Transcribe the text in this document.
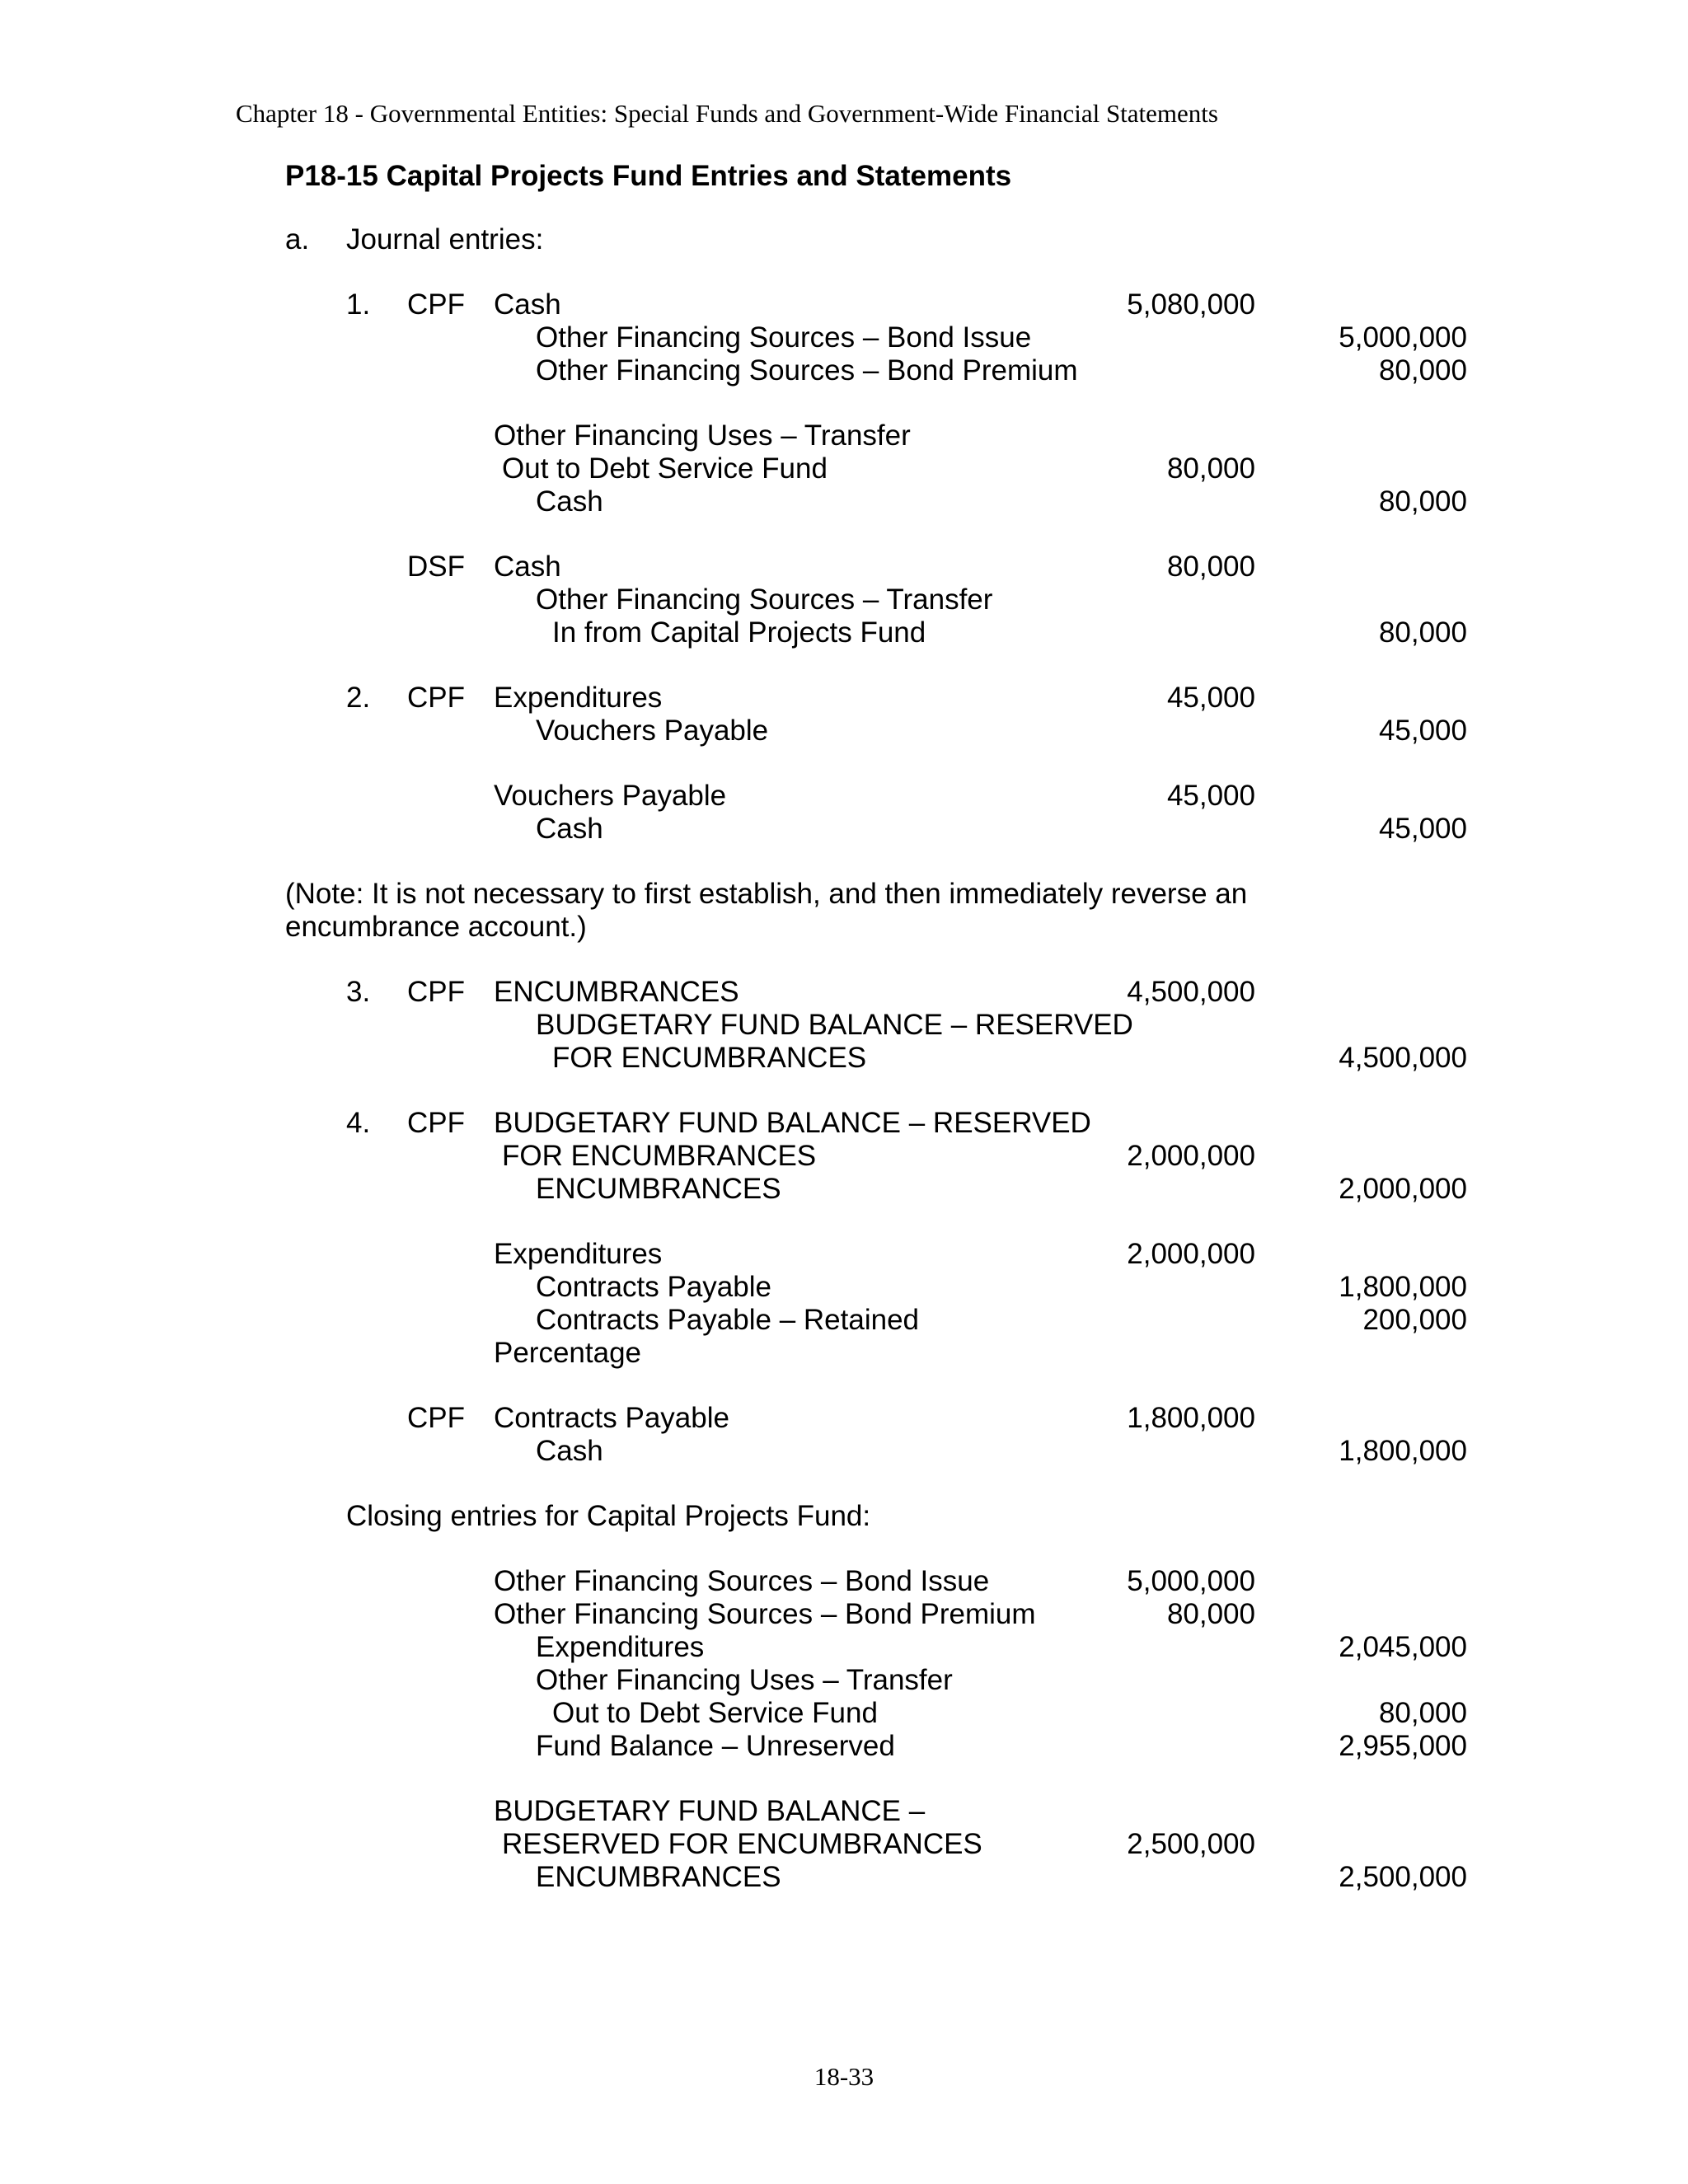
Chapter 18 - Governmental Entities: Special Funds and Government-Wide Financial Statements
P18-15 Capital Projects Fund Entries and Statements
a. Journal entries:
1. CPF Cash	5,080,000
Other Financing Sources – Bond Issue	5,000,000
Other Financing Sources – Bond Premium	80,000
Other Financing Uses – Transfer
Out to Debt Service Fund	80,000
Cash	80,000
DSF Cash	80,000
Other Financing Sources – Transfer
In from Capital Projects Fund	80,000
2. CPF Expenditures	45,000
Vouchers Payable	45,000
Vouchers Payable	45,000
Cash	45,000
(Note: It is not necessary to first establish, and then immediately reverse an
encumbrance account.)
3. CPF ENCUMBRANCES	4,500,000
BUDGETARY FUND BALANCE – RESERVED
FOR ENCUMBRANCES	4,500,000
4. CPF BUDGETARY FUND BALANCE – RESERVED
FOR ENCUMBRANCES	2,000,000
ENCUMBRANCES	2,000,000
Expenditures	2,000,000
Contracts Payable	1,800,000
Contracts Payable – Retained	200,000
Percentage
CPF Contracts Payable	1,800,000
Cash	1,800,000
Closing entries for Capital Projects Fund:
Other Financing Sources – Bond Issue	5,000,000
Other Financing Sources – Bond Premium	80,000
Expenditures	2,045,000
Other Financing Uses – Transfer
Out to Debt Service Fund	80,000
Fund Balance – Unreserved	2,955,000
BUDGETARY FUND BALANCE –
RESERVED FOR ENCUMBRANCES	2,500,000
ENCUMBRANCES	2,500,000
18-33
